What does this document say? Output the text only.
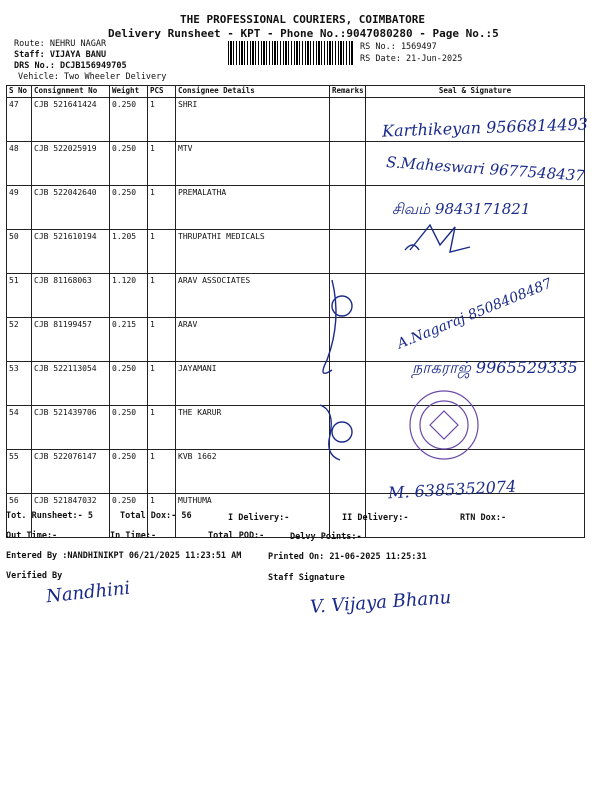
THE PROFESSIONAL COURIERS, COIMBATORE
Delivery Runsheet - KPT - Phone No.:9047080280 - Page No.:5
Route: NEHRU NAGAR
Staff: VIJAYA BANU
DRS No.: DCJB156949705
Vehicle: Two Wheeler Delivery
RS No.: 1569497
RS Date: 21-Jun-2025
S No	Consignment No	Weight	PCS	Consignee Details	Remarks	Seal & Signature
47	CJB 521641424	0.250	1	SHRI		
48	CJB 522025919	0.250	1	MTV		
49	CJB 522042640	0.250	1	PREMALATHA		
50	CJB 521610194	1.205	1	THRUPATHI MEDICALS		
51	CJB 81168063	1.120	1	ARAV ASSOCIATES		
52	CJB 81199457	0.215	1	ARAV		
53	CJB 522113054	0.250	1	JAYAMANI		
54	CJB 521439706	0.250	1	THE KARUR		
55	CJB 522076147	0.250	1	KVB 1662		
56	CJB 521847032	0.250	1	MUTHUMA		
Karthikeyan 9566814493
S.Maheswari 9677548437
சிவம் 9843171821
A.Nagaraj 8508408487
நாகராஜ் 9965529335
M. 6385352074
Tot. Runsheet:- 5	Total Dox:- 56	I Delivery:-	II Delivery:-	RTN Dox:-
Out Time:-	In Time:-	Total POD:-	Delvy Points:-
Entered By :NANDHINIKPT 06/21/2025 11:23:51 AM	Printed On: 21-06-2025 11:25:31
Verified By	Staff Signature
Nandhini	V. Vijaya Bhanu
